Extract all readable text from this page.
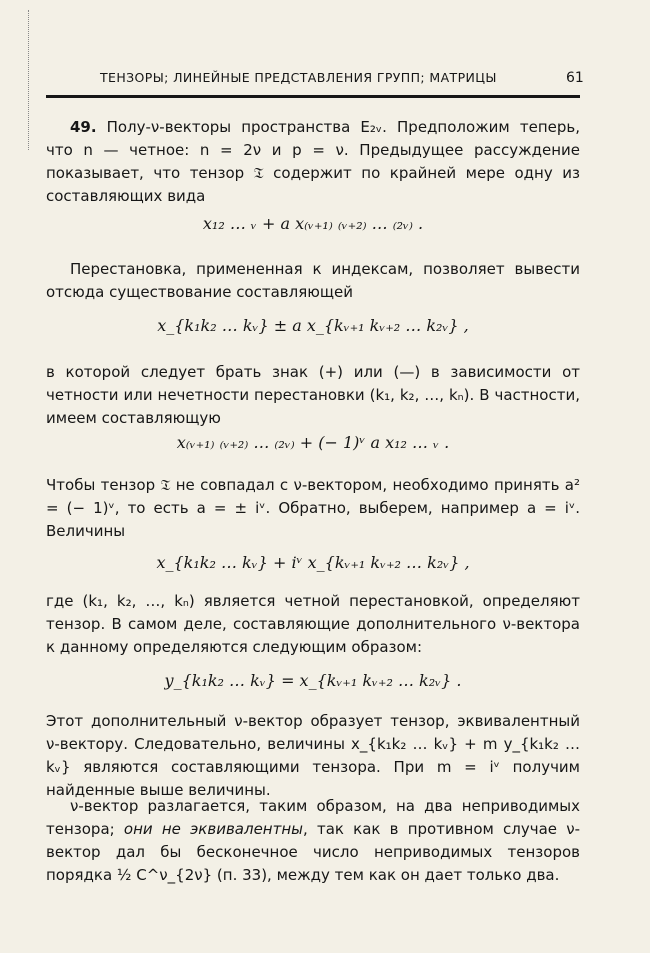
ТЕНЗОРЫ; ЛИНЕЙНЫЕ ПРЕДСТАВЛЕНИЯ ГРУПП; МАТРИЦЫ	61
49. Полу-ν-векторы пространства E₂ᵥ. Предположим теперь, что n — четное: n = 2ν и p = ν. Предыдущее рассуждение показывает, что тензор 𝔗 содержит по крайней мере одну из составляющих вида
x₁₂ … ᵥ + a x₍ᵥ₊₁₎ ₍ᵥ₊₂₎ … ₍₂ᵥ₎ .
Перестановка, примененная к индексам, позволяет вывести отсюда существование составляющей
x_{k₁k₂ … kᵥ} ± a x_{kᵥ₊₁ kᵥ₊₂ … k₂ᵥ} ,
в которой следует брать знак (+) или (—) в зависимости от четности или нечетности перестановки (k₁, k₂, …, kₙ). В частности, имеем составляющую
x₍ᵥ₊₁₎ ₍ᵥ₊₂₎ … ₍₂ᵥ₎ + (− 1)ᵛ a x₁₂ … ᵥ .
Чтобы тензор 𝔗 не совпадал с ν-вектором, необходимо принять a² = (− 1)ᵛ, то есть a = ± iᵛ. Обратно, выберем, например a = iᵛ. Величины
x_{k₁k₂ … kᵥ} + iᵛ x_{kᵥ₊₁ kᵥ₊₂ … k₂ᵥ} ,
где (k₁, k₂, …, kₙ) является четной перестановкой, определяют тензор. В самом деле, составляющие дополнительного ν-вектора к данному определяются следующим образом:
y_{k₁k₂ … kᵥ} = x_{kᵥ₊₁ kᵥ₊₂ … k₂ᵥ} .
Этот дополнительный ν-вектор образует тензор, эквивалентный ν-вектору. Следовательно, величины x_{k₁k₂ … kᵥ} + m y_{k₁k₂ … kᵥ} являются составляющими тензора. При m = iᵛ получим найденные выше величины.
ν-вектор разлагается, таким образом, на два неприводимых тензора; они не эквивалентны, так как в противном случае ν-вектор дал бы бесконечное число неприводимых тензоров порядка ½ C^ν_{2ν} (п. 33), между тем как он дает только два.
